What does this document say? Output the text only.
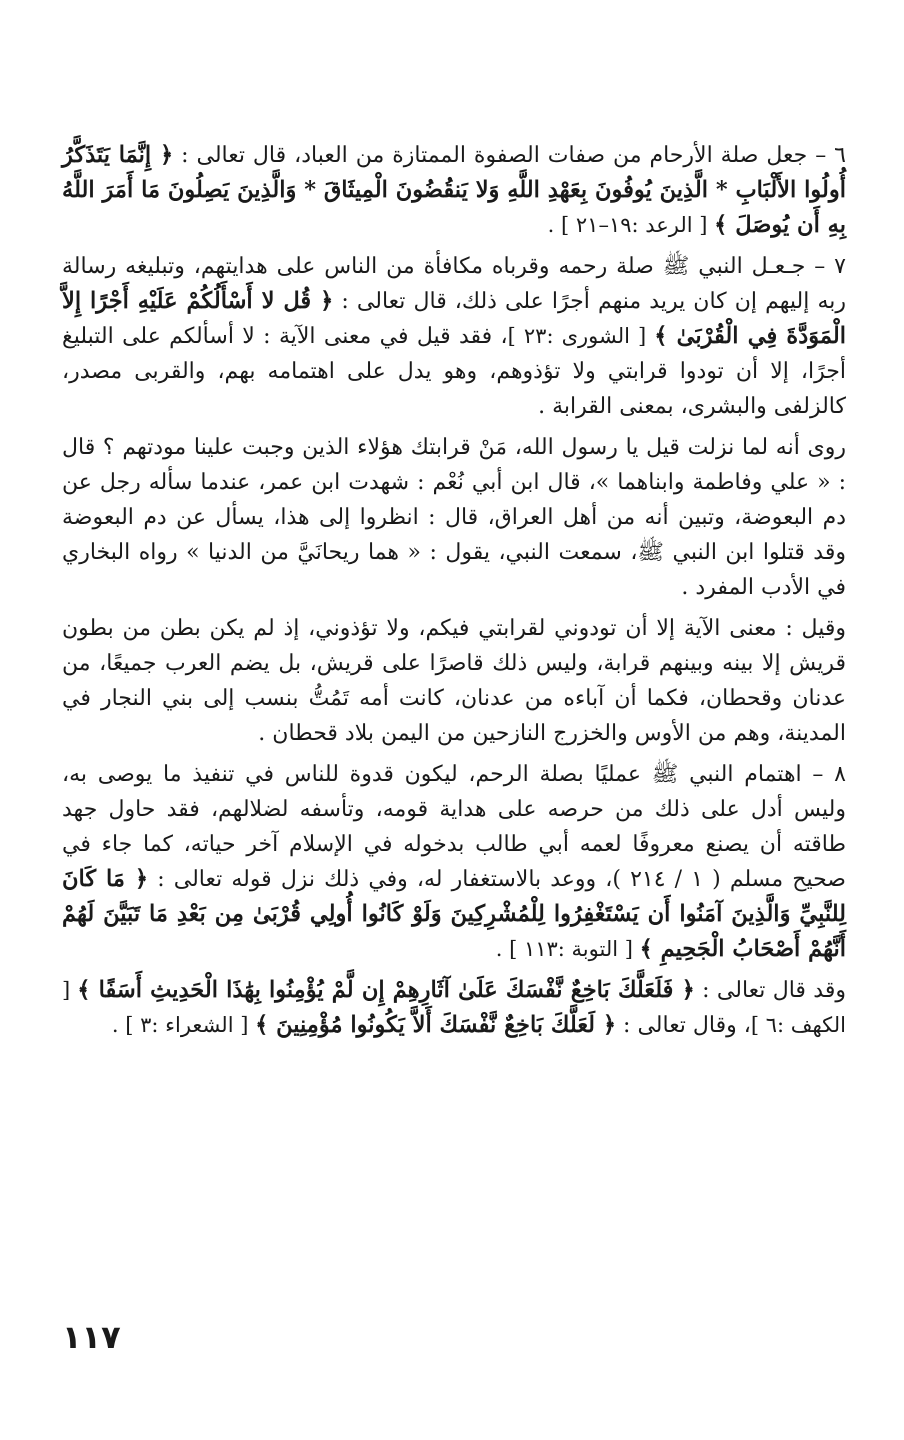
٦ – جعل صلة الأرحام من صفات الصفوة الممتازة من العباد، قال تعالى : ﴿ إِنَّمَا يَتَذَكَّرُ أُولُوا الأَلْبَابِ * الَّذِينَ يُوفُونَ بِعَهْدِ اللَّهِ وَلا يَنقُضُونَ الْمِيثَاقَ * وَالَّذِينَ يَصِلُونَ مَا أَمَرَ اللَّهُ بِهِ أَن يُوصَلَ ﴾ [ الرعد :١٩–٢١ ] .

٧ – جـعـل النبي ﷺ صلة رحمه وقرباه مكافأة من الناس على هدايتهم، وتبليغه رسالة ربه إليهم إن كان يريد منهم أجرًا على ذلك، قال تعالى : ﴿ قُل لا أَسْأَلُكُمْ عَلَيْهِ أَجْرًا إِلاَّ الْمَوَدَّةَ فِي الْقُرْبَىٰ ﴾ [ الشورى :٢٣ ]، فقد قيل في معنى الآية : لا أسألكم على التبليغ أجرًا، إلا أن تودوا قرابتي ولا تؤذوهم، وهو يدل على اهتمامه بهم، والقربى مصدر، كالزلفى والبشرى، بمعنى القرابة .

روى أنه لما نزلت قيل يا رسول الله، مَنْ قرابتك هؤلاء الذين وجبت علينا مودتهم ؟ قال : « علي وفاطمة وابناهما »، قال ابن أبي نُعْم : شهدت ابن عمر، عندما سأله رجل عن دم البعوضة، وتبين أنه من أهل العراق، قال : انظروا إلى هذا، يسأل عن دم البعوضة وقد قتلوا ابن النبي ﷺ، سمعت النبي، يقول : « هما ريحانَيَّ من الدنيا » رواه البخاري في الأدب المفرد .

وقيل : معنى الآية إلا أن تودوني لقرابتي فيكم، ولا تؤذوني، إذ لم يكن بطن من بطون قريش إلا بينه وبينهم قرابة، وليس ذلك قاصرًا على قريش، بل يضم العرب جميعًا، من عدنان وقحطان، فكما أن آباءه من عدنان، كانت أمه تَمُتُّ بنسب إلى بني النجار في المدينة، وهم من الأوس والخزرج النازحين من اليمن بلاد قحطان .

٨ – اهتمام النبي ﷺ عمليًا بصلة الرحم، ليكون قدوة للناس في تنفيذ ما يوصى به، وليس أدل على ذلك من حرصه على هداية قومه، وتأسفه لضلالهم، فقد حاول جهد طاقته أن يصنع معروفًا لعمه أبي طالب بدخوله في الإسلام آخر حياته، كما جاء في صحيح مسلم ( ١ / ٢١٤ )، ووعد بالاستغفار له، وفي ذلك نزل قوله تعالى : ﴿ مَا كَانَ لِلنَّبِيِّ وَالَّذِينَ آمَنُوا أَن يَسْتَغْفِرُوا لِلْمُشْرِكِينَ وَلَوْ كَانُوا أُولِي قُرْبَىٰ مِن بَعْدِ مَا تَبَيَّنَ لَهُمْ أَنَّهُمْ أَصْحَابُ الْجَحِيمِ ﴾ [ التوبة :١١٣ ] .

وقد قال تعالى : ﴿ فَلَعَلَّكَ بَاخِعٌ نَّفْسَكَ عَلَىٰ آثَارِهِمْ إِن لَّمْ يُؤْمِنُوا بِهَٰذَا الْحَدِيثِ أَسَفًا ﴾ [ الكهف :٦ ]، وقال تعالى : ﴿ لَعَلَّكَ بَاخِعٌ نَّفْسَكَ أَلاَّ يَكُونُوا مُؤْمِنِينَ ﴾ [ الشعراء :٣ ] .

١١٧
